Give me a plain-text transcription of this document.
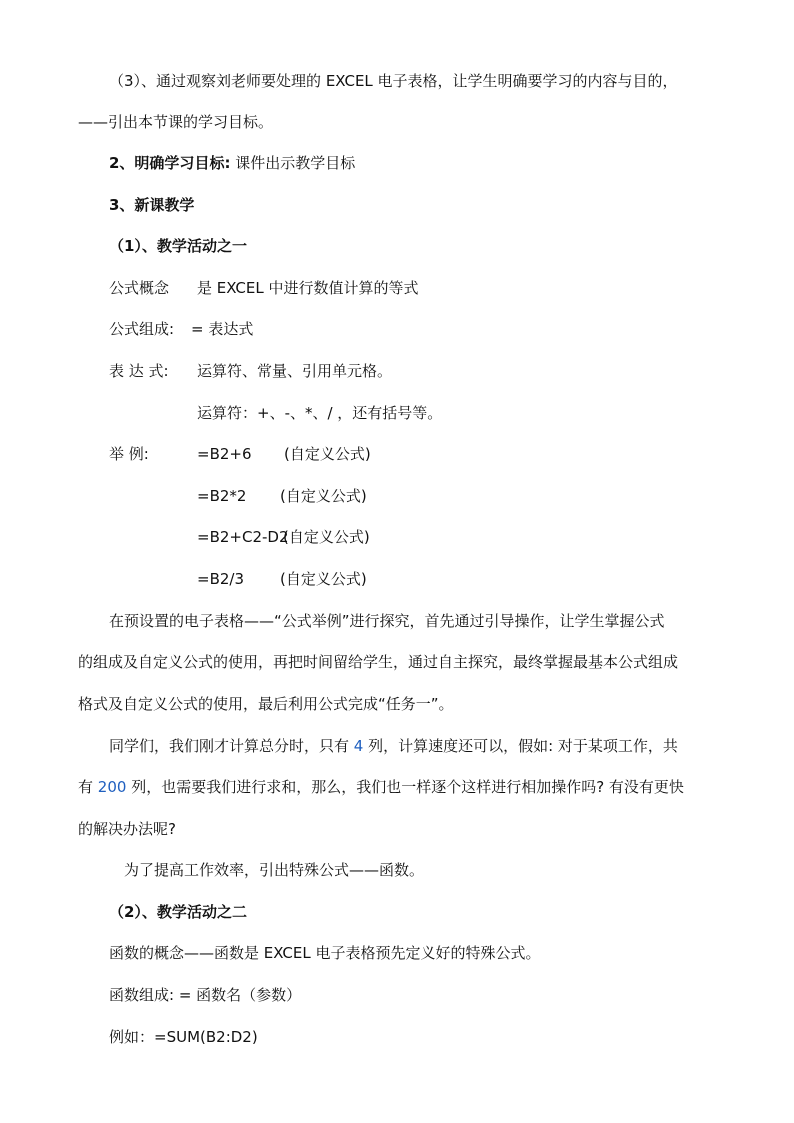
（3）、通过观察刘老师要处理的 EXCEL 电子表格，让学生明确要学习的内容与目的，
——引出本节课的学习目标。
2、明确学习目标: 课件出示教学目标
3、新课教学
（1）、教学活动之一
公式概念 是 EXCEL 中进行数值计算的等式
公式组成: = 表达式
表 达 式: 运算符、常量、引用单元格。
运算符：+、-、*、/ ，还有括号等。
举 例:	=B2+6 (自定义公式)
=B2*2 (自定义公式)
=B2+C2-D2
(自定义公式)
=B2/3 (自定义公式)
在预设置的电子表格——“公式举例”进行探究，首先通过引导操作，让学生掌握公式
的组成及自定义公式的使用，再把时间留给学生，通过自主探究，最终掌握最基本公式组成
格式及自定义公式的使用，最后利用公式完成“任务一”。
同学们，我们刚才计算总分时，只有 4 列，计算速度还可以，假如: 对于某项工作，共
有 200 列，也需要我们进行求和，那么，我们也一样逐个这样进行相加操作吗? 有没有更快
的解决办法呢?
为了提高工作效率，引出特殊公式——函数。
（2）、教学活动之二
函数的概念——函数是 EXCEL 电子表格预先定义好的特殊公式。
函数组成: = 函数名（参数）
例如：=SUM(B2:D2)
